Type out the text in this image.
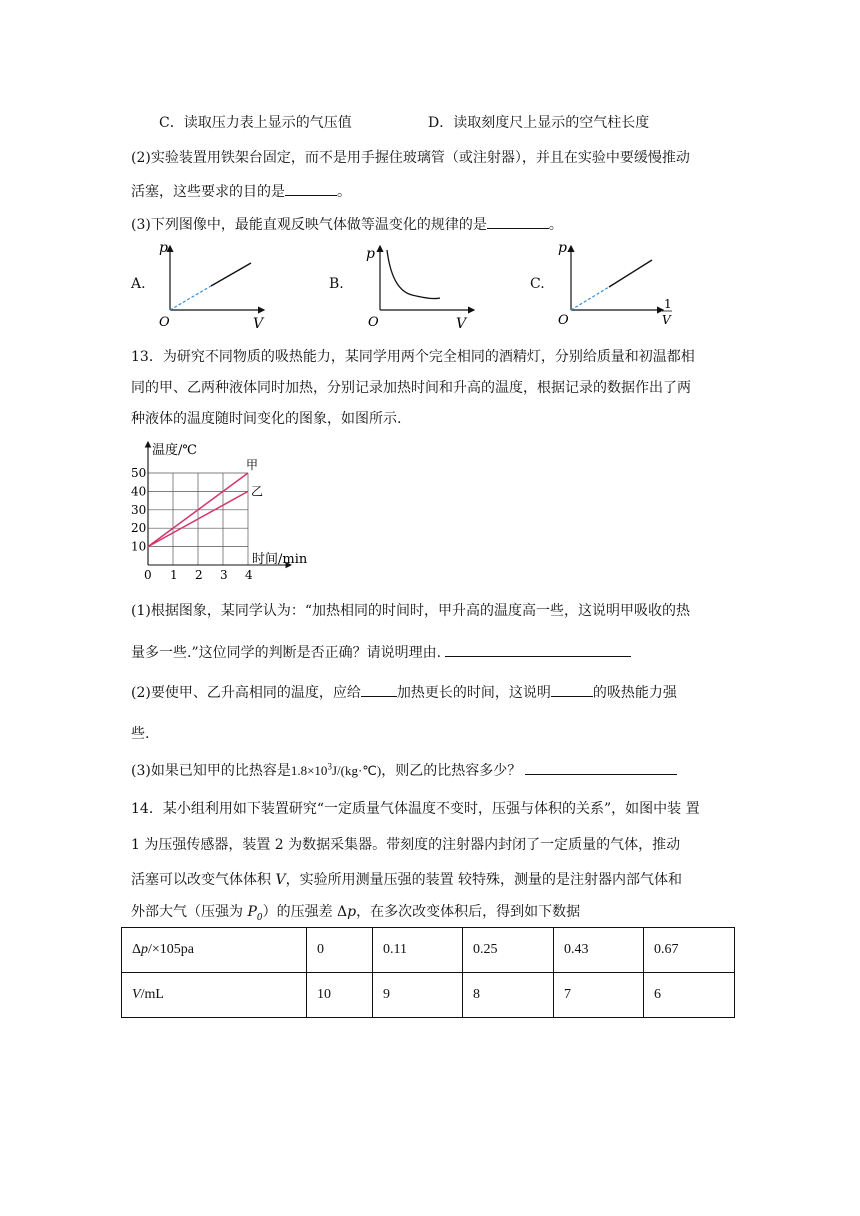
C．读取压力表上显示的气压值	D．读取刻度尺上显示的空气柱长度
(2)实验装置用铁架台固定，而不是用手握住玻璃管（或注射器），并且在实验中要缓慢推动
活塞，这些要求的目的是	。
(3)下列图像中，最能直观反映气体做等温变化的规律的是	。
A.
p
V
O
B.
p
V
O
C.
p
1
V
O
13．为研究不同物质的吸热能力，某同学用两个完全相同的酒精灯，分别给质量和初温都相
同的甲、乙两种液体同时加热，分别记录加热时间和升高的温度，根据记录的数据作出了两
种液体的温度随时间变化的图象，如图所示.
甲
乙
10
20
30
40
50
1 2 3 4
温度/℃
时间/min
0
(1)根据图象，某同学认为：“加热相同的时间时，甲升高的温度高一些，这说明甲吸收的热
量多一些.”这位同学的判断是否正确？请说明理由.
(2)要使甲、乙升高相同的温度，应给	加热更长的时间，这说明	的吸热能力强
些.
(3)如果已知甲的比热容是$1.8\times 10^3J/(kg\cdot℃)$，则乙的比热容多少？
14．某小组利用如下装置研究“一定质量气体温度不变时，压强与体积的关系”，如图中装 置
1 为压强传感器，装置 2 为数据采集器。带刻度的注射器内封闭了一定质量的气体，推动
活塞可以改变气体体积 V，实验所用测量压强的装置 较特殊，测量的是注射器内部气体和
外部大气（压强为 $P_0$）的压强差 Δp，在多次改变体积后，得到如下数据
Δp/×105pa	0	0.11	0.25	0.43	0.67
V/mL	10	9	8	7	6
